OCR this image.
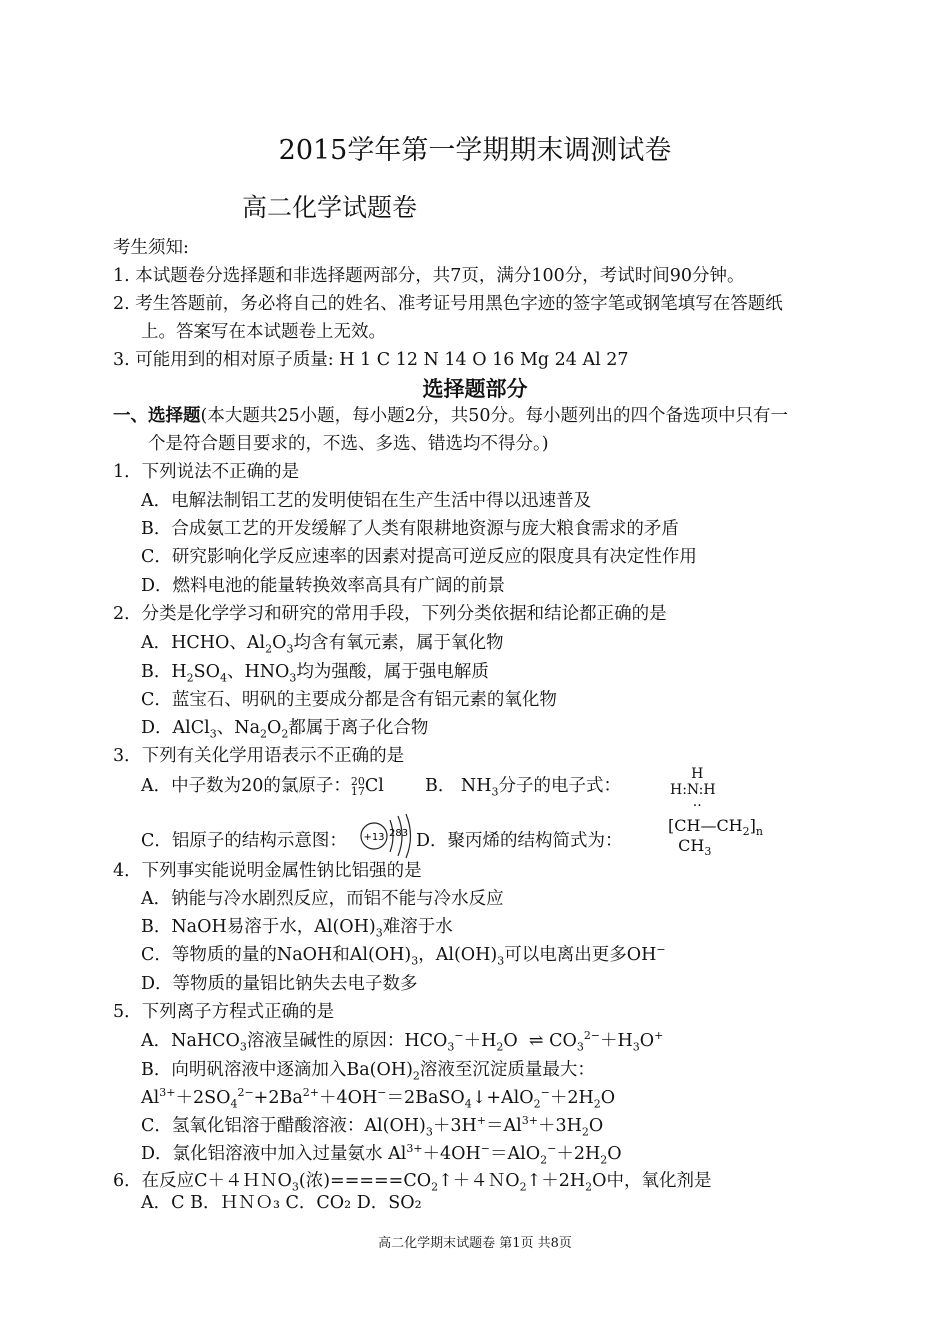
2015学年第一学期期末调测试卷
高二化学试题卷
考生须知:
1. 本试题卷分选择题和非选择题两部分，共7页，满分100分，考试时间90分钟。
2. 考生答题前，务必将自己的姓名、准考证号用黑色字迹的签字笔或钢笔填写在答题纸
上。答案写在本试题卷上无效。
3. 可能用到的相对原子质量: H 1 C 12 N 14 O 16 Mg 24 Al 27
选择题部分
一、选择题(本大题共25小题，每小题2分，共50分。每小题列出的四个备选项中只有一
个是符合题目要求的，不选、多选、错选均不得分。)
1．下列说法不正确的是
A．电解法制铝工艺的发明使铝在生产生活中得以迅速普及
B．合成氨工艺的开发缓解了人类有限耕地资源与庞大粮食需求的矛盾
C．研究影响化学反应速率的因素对提高可逆反应的限度具有决定性作用
D．燃料电池的能量转换效率高具有广阔的前景
2．分类是化学学习和研究的常用手段，下列分类依据和结论都正确的是
A．HCHO、$Al_2O_3$均含有氧元素，属于氧化物
B．$H_2SO_4$、$HNO_3$均为强酸，属于强电解质
C．蓝宝石、明矾的主要成分都是含有铝元素的氧化物
D．AlCl$_3$、$Na_2O_2$都属于离子化合物
3．下列有关化学用语表示不正确的是
A．中子数为20的氯原子：20
17Cl B． $NH_3$分子的电子式：
H
H:N:H
··
C．铝原子的结构示意图： +13 283 D．聚丙烯的结构简式为：
$[CH—CH_2]_n$
$CH_3$
4．下列事实能说明金属性钠比铝强的是
A．钠能与冷水剧烈反应，而铝不能与冷水反应
B．NaOH易溶于水，$Al(OH)_3$难溶于水
C．等物质的量的NaOH和$Al(OH)_3$，$Al(OH)_3$可以电离出更多OH−
D．等物质的量铝比钠失去电子数多
5．下列离子方程式正确的是
A．NaHCO$_3$溶液呈碱性的原因：$HCO_3^-+H_2O$  ⇌ $CO_3^{2-}+H_3O^+$
B．向明矾溶液中逐滴加入$Ba(OH)_2$溶液至沉淀质量最大：
$Al^{3+}+2SO_4^{2-}+2Ba^{2+}+4OH^-=2BaSO_4↓+AlO_2^-+2H_2O$
C．氢氧化铝溶于醋酸溶液：$Al(OH)_3+3H^+=Al^{3+}+3H_2O$
D．氯化铝溶液中加入过量氨水 $Al^{3+}+4OH^-=AlO_2^-+2H_2O$
6．在反应C＋４ＨＮO$_3$(浓)$=====CO_2↑+4NO_2↑+2H_2O$中，氧化剂是
A．C B．ＨＮＯ₃ C．CO₂ D．SO₂
高二化学期末试题卷 第1页 共8页
